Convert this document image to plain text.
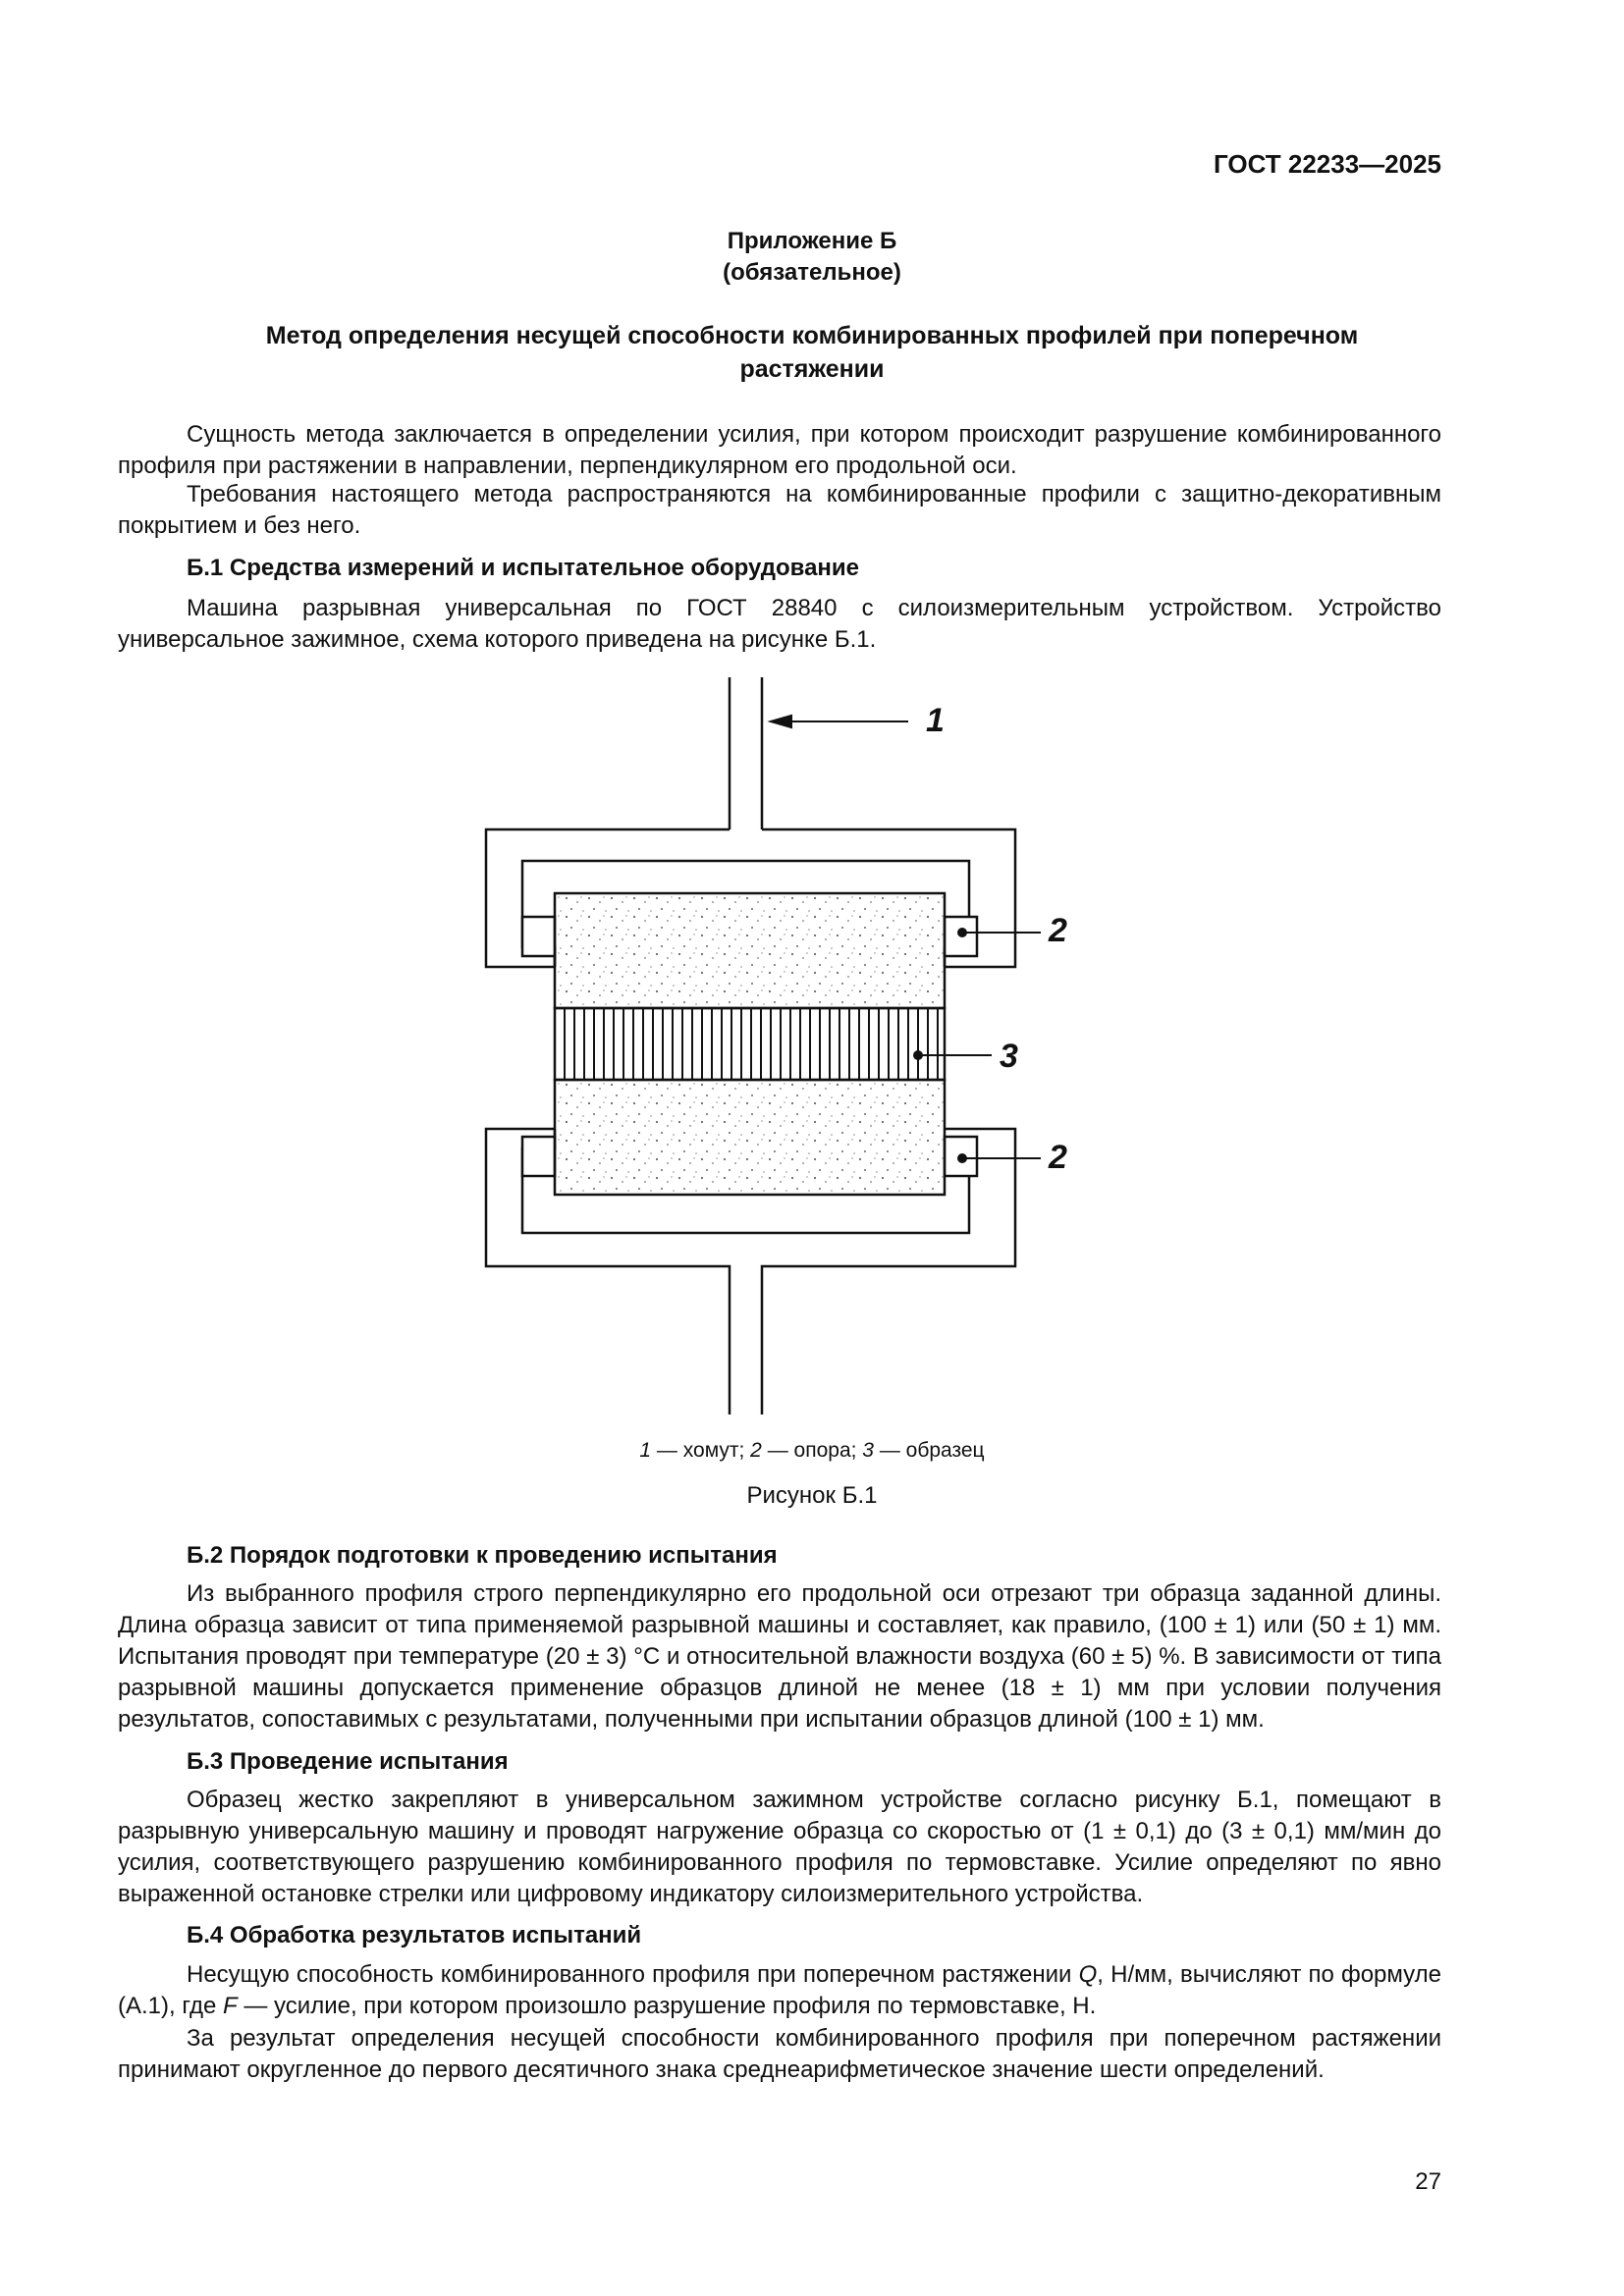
ГОСТ 22233—2025
Приложение Б
(обязательное)
Метод определения несущей способности комбинированных профилей при поперечном
растяжении

Сущность метода заключается в определении усилия, при котором происходит разрушение комбинированного профиля при растяжении в направлении, перпендикулярном его продольной оси.

Требования настоящего метода распространяются на комбинированные профили с защитно-декоративным покрытием и без него.

Б.1 Средства измерений и испытательное оборудование

Машина разрывная универсальная по ГОСТ 28840 с силоизмерительным устройством. Устройство универсальное зажимное, схема которого приведена на рисунке Б.1.

1
2
3
2
1 — хомут; 2 — опора; 3 — образец
Рисунок Б.1

Б.2 Порядок подготовки к проведению испытания

Из выбранного профиля строго перпендикулярно его продольной оси отрезают три образца заданной длины. Длина образца зависит от типа применяемой разрывной машины и составляет, как правило, (100 ± 1) или (50 ± 1) мм. Испытания проводят при температуре (20 ± 3) °С и относительной влажности воздуха (60 ± 5) %. В зависимости от типа разрывной машины допускается применение образцов длиной не менее (18 ± 1) мм при условии получения результатов, сопоставимых с результатами, полученными при испытании образцов длиной (100 ± 1) мм.

Б.3 Проведение испытания

Образец жестко закрепляют в универсальном зажимном устройстве согласно рисунку Б.1, помещают в разрывную универсальную машину и проводят нагружение образца со скоростью от (1 ± 0,1) до (3 ± 0,1) мм/мин до усилия, соответствующего разрушению комбинированного профиля по термовставке. Усилие определяют по явно выраженной остановке стрелки или цифровому индикатору силоизмерительного устройства.

Б.4 Обработка результатов испытаний

Несущую способность комбинированного профиля при поперечном растяжении Q, Н/мм, вычисляют по формуле (А.1), где F — усилие, при котором произошло разрушение профиля по термовставке, Н.

За результат определения несущей способности комбинированного профиля при поперечном растяжении принимают округленное до первого десятичного знака среднеарифметическое значение шести определений.

27
